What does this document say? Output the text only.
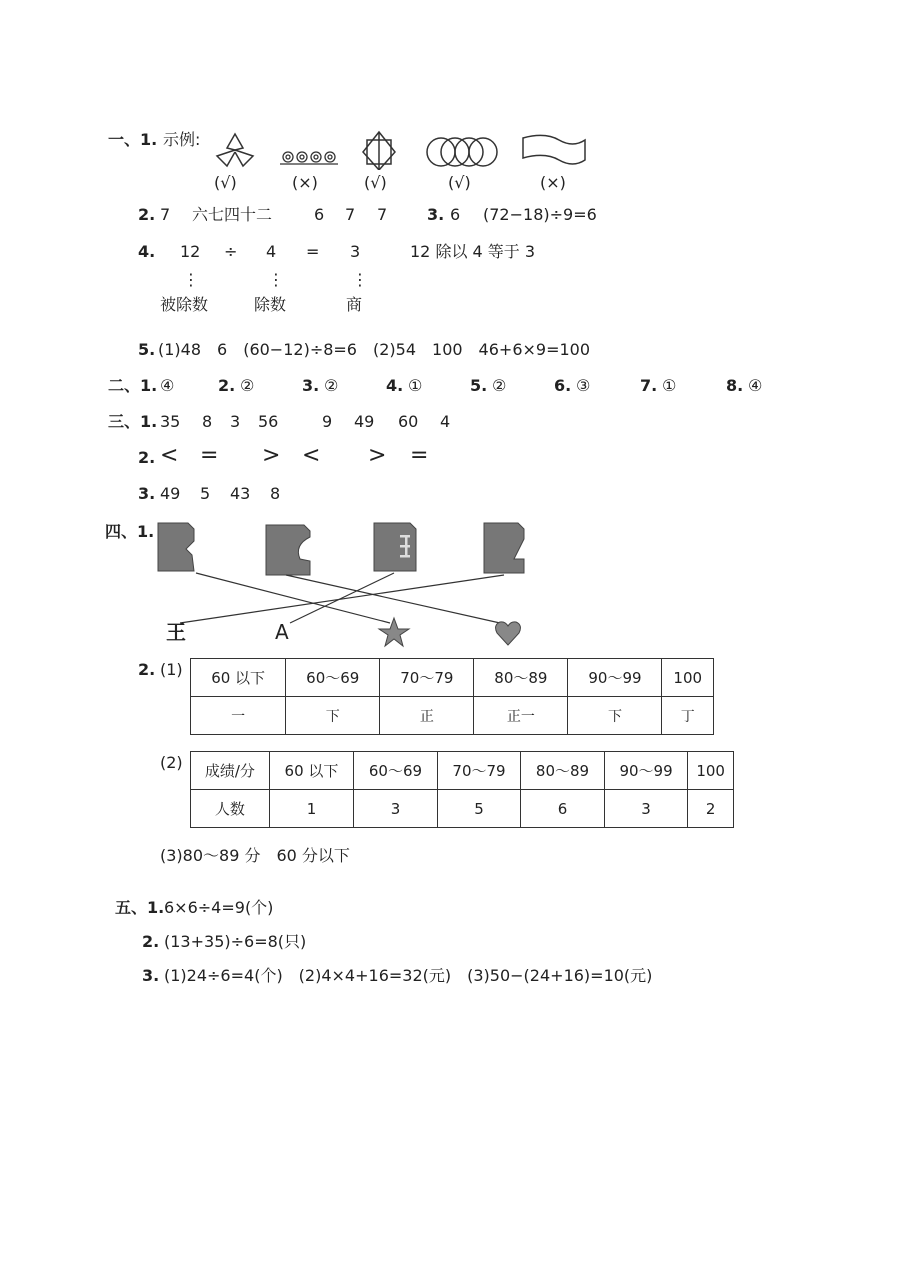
一、1. 示例:
(√)	(×)	(√)	(√)	(×)
2. 7 六七四十二	6 7 7 3. 6 (72−18)÷9=6
4. 12 ÷ 4 = 3	12 除以 4 等于 3
⋮	⋮	⋮
被除数	除数	商
5. (1)48　6　(60−12)÷8=6　(2)54　100　46+6×9=100
二、1. ④	2. ②	3. ②	4. ①	5. ②	6. ③	7. ①	8. ④
三、1. 35 8 3 56	9 49 60 4
2. < = > < > =
3. 49 5 43 8
四、1.
王	A
2. (1) 60 以下	60～69	70～79	80～89	90～99	100
一	下	正	正一	下	丁
(2) 成绩/分	60 以下	60～69	70～79	80～89	90～99	100
人数	1	3	5	6	3	2
(3)80～89 分　60 分以下
五、1. 6×6÷4=9(个)
2. (13+35)÷6=8(只)
3. (1)24÷6=4(个)　(2)4×4+16=32(元)　(3)50−(24+16)=10(元)
